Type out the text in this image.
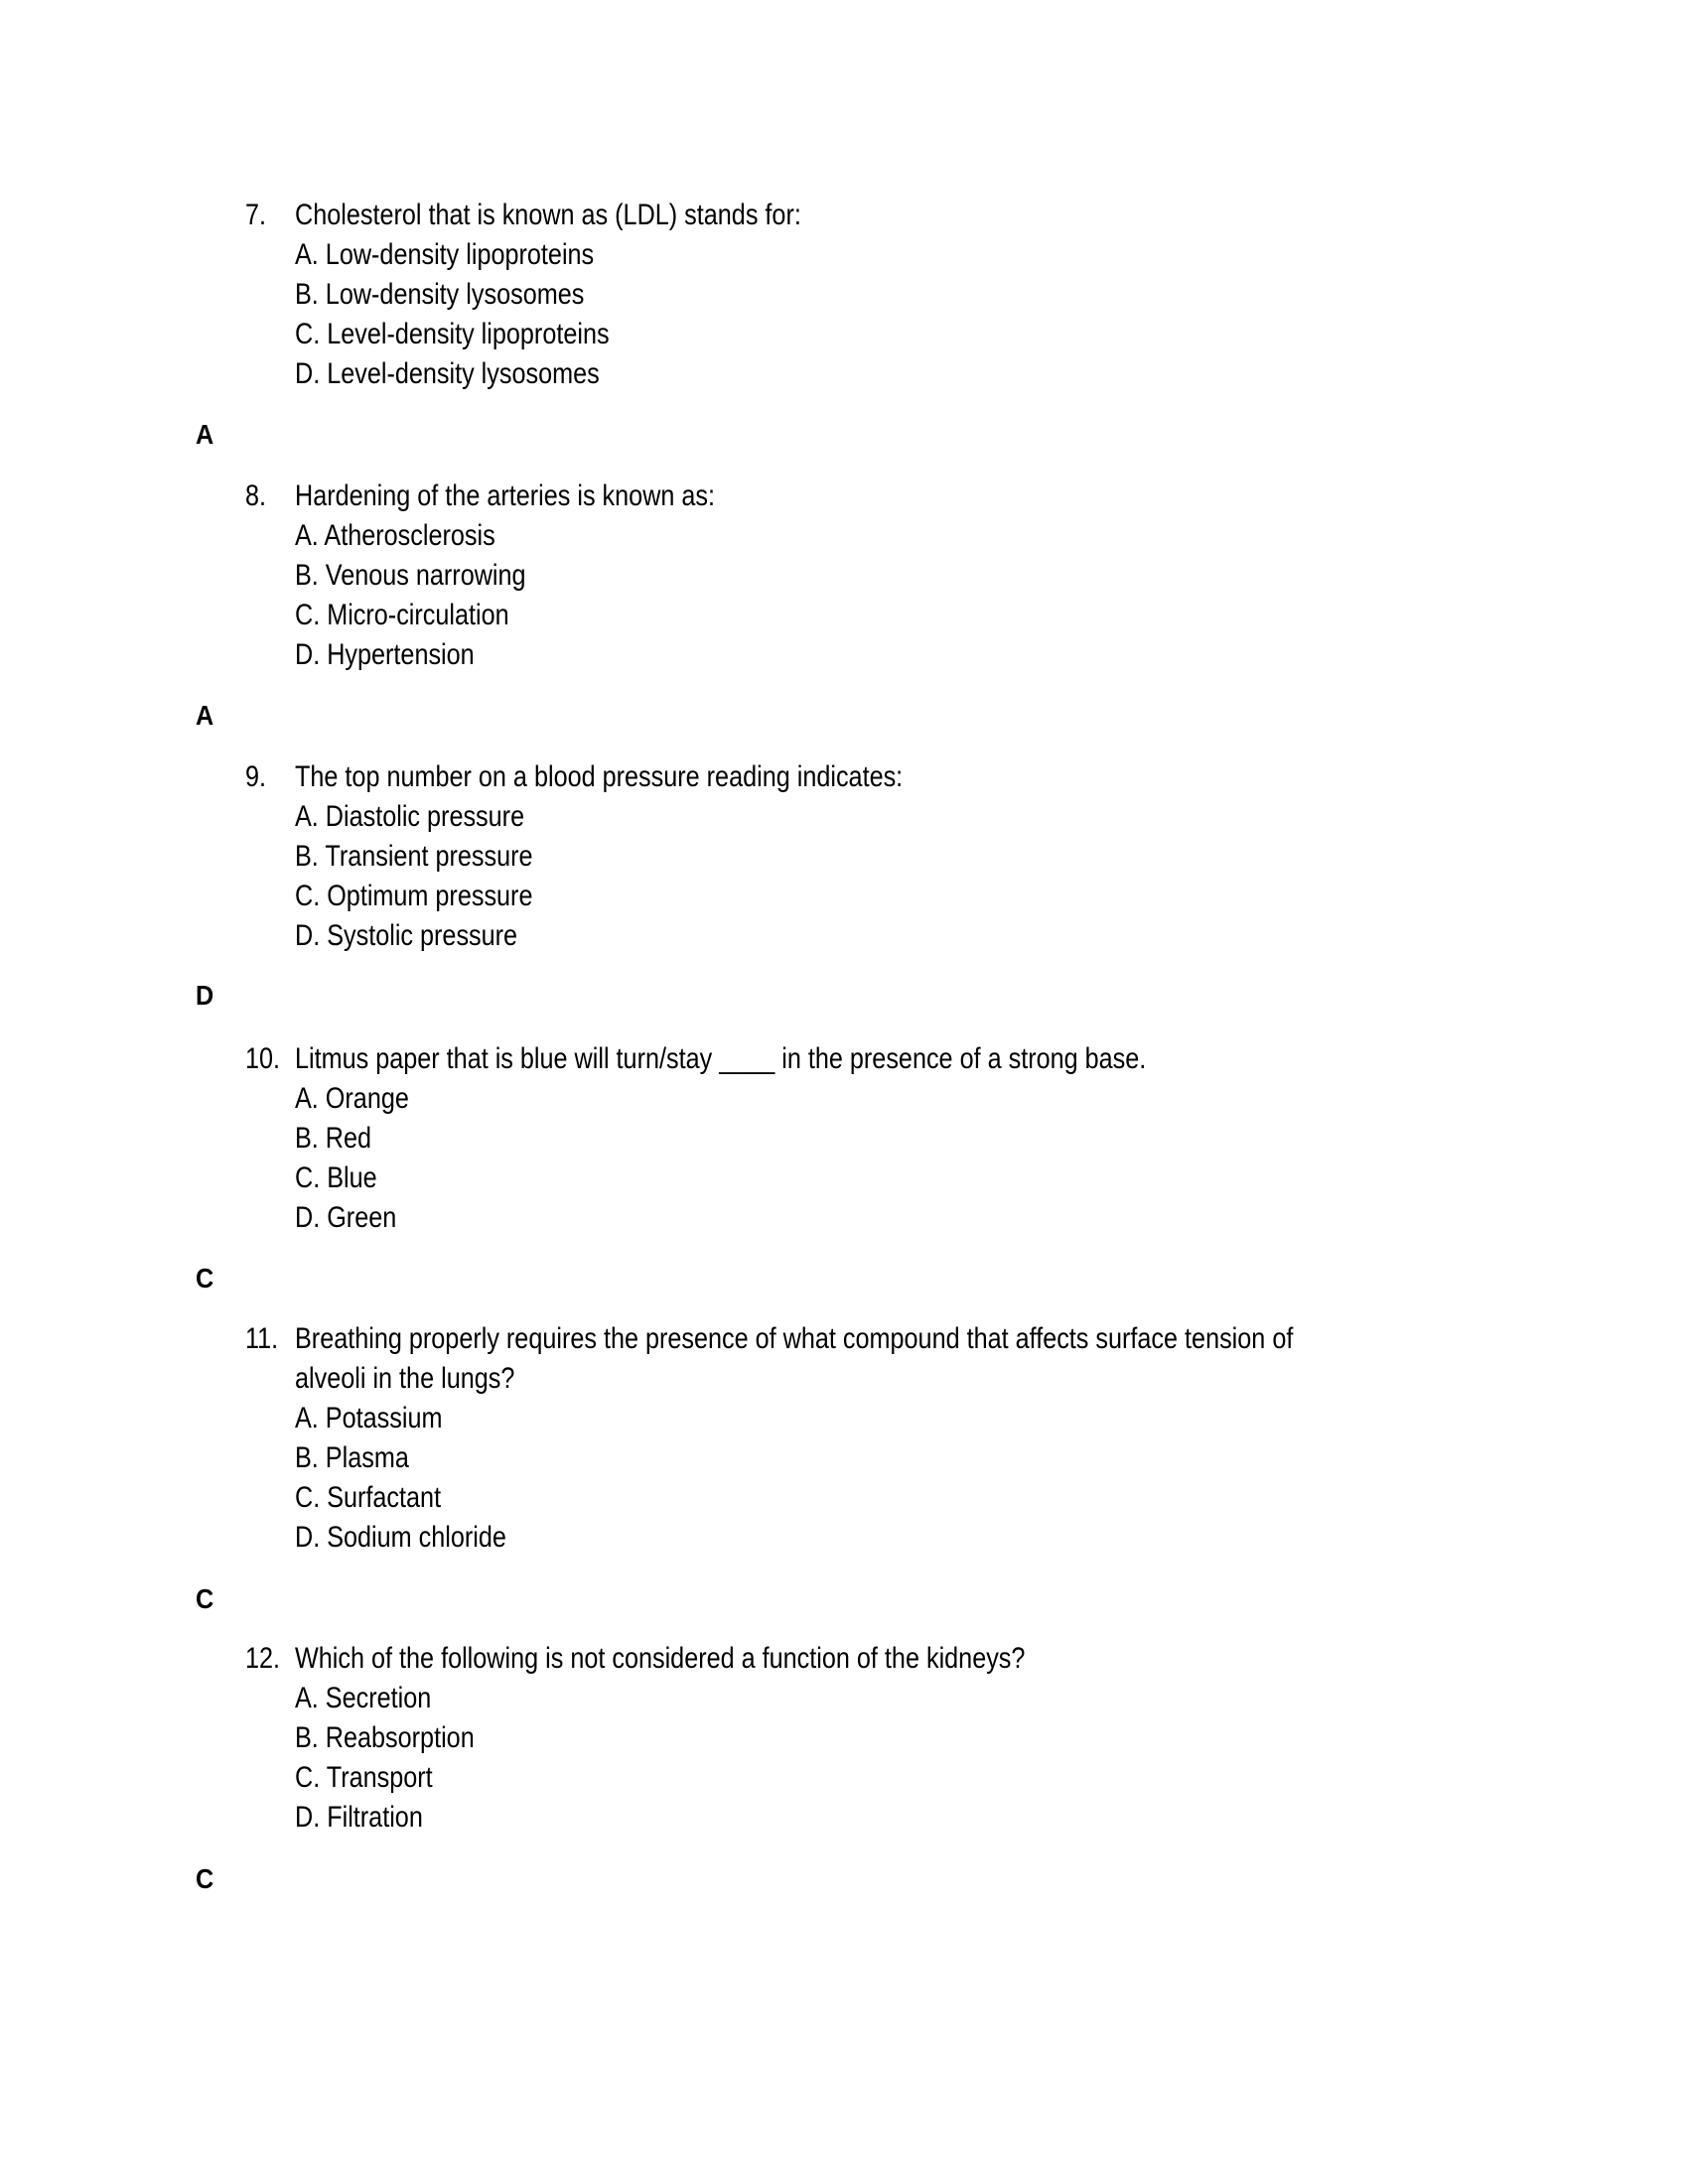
7. Cholesterol that is known as (LDL) stands for:
A. Low-density lipoproteins
B. Low-density lysosomes
C. Level-density lipoproteins
D. Level-density lysosomes
A
8. Hardening of the arteries is known as:
A. Atherosclerosis
B. Venous narrowing
C. Micro-circulation
D. Hypertension
A
9. The top number on a blood pressure reading indicates:
A. Diastolic pressure
B. Transient pressure
C. Optimum pressure
D. Systolic pressure
D
10. Litmus paper that is blue will turn/stay ____ in the presence of a strong base.
A. Orange
B. Red
C. Blue
D. Green
C
11. Breathing properly requires the presence of what compound that affects surface tension of
alveoli in the lungs?
A. Potassium
B. Plasma
C. Surfactant
D. Sodium chloride
C
12. Which of the following is not considered a function of the kidneys?
A. Secretion
B. Reabsorption
C. Transport
D. Filtration
C
